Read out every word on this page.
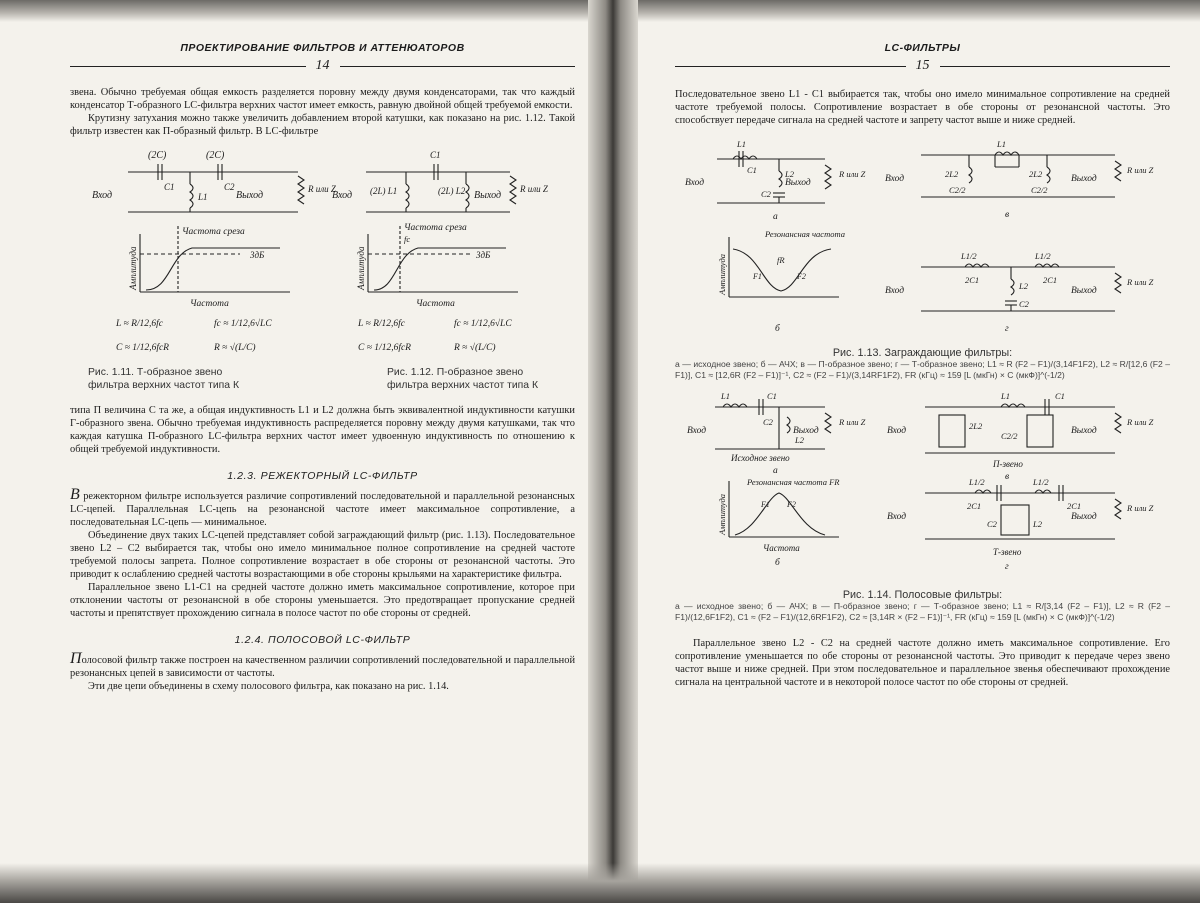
ПРОЕКТИРОВАНИЕ ФИЛЬТРОВ И АТТЕНЮАТОРОВ
14

звена. Обычно требуемая общая емкость разделяется поровну между двумя конденсаторами, так что каждый конденсатор Т-образного LC-фильтра верхних частот имеет емкость, равную двойной общей требуемой емкости.

Крутизну затухания можно также увеличить добавлением второй катушки, как показано на рис. 1.12. Такой фильтр известен как П-образный фильтр. В LC-фильтре

Вход	Выход
R или Z
(2C)	(2C)
C1	C2
L1
Частота среза
3дБ
Амплитуда
Частота
L ≈ R/12,6fc	fc ≈ 1/12,6√LC
C ≈ 1/12,6fcR	R ≈ √(L/C)
Вход	Выход
R или Z
C1
(2L) L1	(2L) L2
Частота среза
fc
3дБ
Амплитуда
Частота
L ≈ R/12,6fc	fc ≈ 1/12,6√LC
C ≈ 1/12,6fcR	R ≈ √(L/C)
Рис. 1.11. Т-образное звено фильтра верхних частот типа К
Рис. 1.12. П-образное звено фильтра верхних частот типа К

типа П величина C та же, а общая индуктивность L1 и L2 должна быть эквивалентной индуктивности катушки Г-образного звена. Обычно требуемая индуктивность распределяется поровну между двумя катушками, так что каждая катушка П-образного LC-фильтра верхних частот имеет удвоенную индуктивность по отношению к общей требуемой индуктивности.

1.2.3. РЕЖЕКТОРНЫЙ LC-ФИЛЬТР

В режекторном фильтре используется различие сопротивлений последовательной и параллельной резонансных LC-цепей. Параллельная LC-цепь на резонансной частоте имеет максимальное сопротивление, а последовательная LC-цепь — минимальное.

Объединение двух таких LC-цепей представляет собой заграждающий фильтр (рис. 1.13). Последовательное звено L2 – C2 выбирается так, чтобы оно имело минимальное полное сопротивление на средней частоте требуемой полосы запрета. Полное сопротивление возрастает в обе стороны от резонансной частоты. Это приводит к ослаблению средней частоты возрастающими в обе стороны крыльями на характеристике фильтра.

Параллельное звено L1-C1 на средней частоте должно иметь максимальное сопротивление, которое при отклонении частоты от резонансной в обе стороны уменьшается. Это предотвращает пропускание средней частоты и препятствует прохождению сигнала в полосе частот по обе стороны от средней.

1.2.4. ПОЛОСОВОЙ LC-ФИЛЬТР

Полосовой фильтр также построен на качественном различии сопротивлений последовательной и параллельной резонансных цепей в зависимости от частоты.

Эти две цепи объединены в схему полосового фильтра, как показано на рис. 1.14.

LC-ФИЛЬТРЫ
15

Последовательное звено L1 - C1 выбирается так, чтобы оно имело минимальное сопротивление на средней частоте требуемой полосы. Сопротивление возрастает в обе стороны от резонансной частоты. Это способствует передаче сигнала на средней частоте и запрету частот выше и ниже средней.

Вход	Выход
R или Z
L1
C1	L2
C2
а
Резонансная частота
Амплитуда	fR
F1	F2
б
Вход	Выход
R или Z
L1
2L2	2L2
C2/2	C2/2
в
L1/2	L1/2
2C1	2C1
L2
C2
Вход	Выход
R или Z
г
Рис. 1.13. Заграждающие фильтры:
а — исходное звено; б — АЧХ; в — П-образное звено; г — Т-образное звено; L1 ≈ R (F2 – F1)/(3,14F1F2), L2 ≈ R/[12,6 (F2 – F1)], C1 ≈ [12,6R (F2 – F1)]⁻¹, C2 ≈ (F2 – F1)/(3,14RF1F2), FR (кГц) ≈ 159 [L (мкГн) × C (мкФ)]^(-1/2)
Вход	Выход
R или Z
L1	C1
C2
L2
Исходное звено
а
Резонансная частота FR
Амплитуда	F1 F2
Частота
б
Вход	Выход
R или Z
L1	C1
2L2
C2/2
П-звено
в
L1/2	L1/2
2C1	2C1
C2	L2
Вход	Выход
R или Z
Т-звено
г
Рис. 1.14. Полосовые фильтры:
а — исходное звено; б — АЧХ; в — П-образное звено; г — Т-образное звено; L1 ≈ R/[3,14 (F2 – F1)], L2 ≈ R (F2 – F1)/(12,6F1F2), C1 ≈ (F2 – F1)/(12,6RF1F2), C2 ≈ [3,14R × (F2 – F1)]⁻¹, FR (кГц) ≈ 159 [L (мкГн) × C (мкФ)]^(-1/2)

Параллельное звено L2 - C2 на средней частоте должно иметь максимальное сопротивление. Его сопротивление уменьшается по обе стороны от резонансной частоты. Это приводит к передаче через звено частот выше и ниже средней. При этом последовательное и параллельное звенья обеспечивают прохождение сигнала на центральной частоте и в некоторой полосе частот по обе стороны от средней.
